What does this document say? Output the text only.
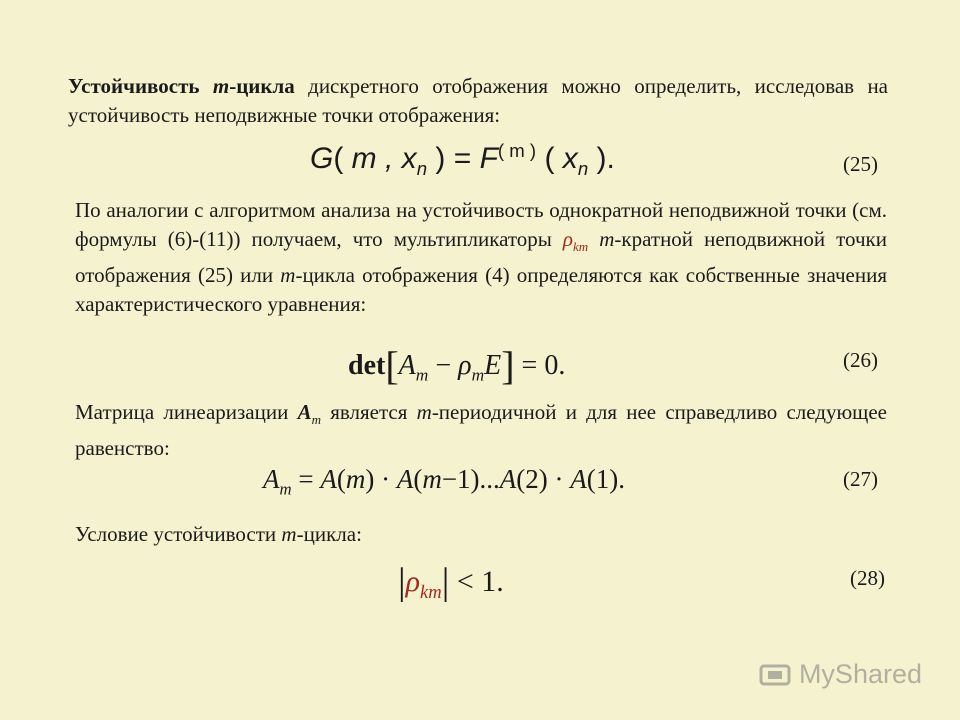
Устойчивость m-цикла дискретного отображения можно определить, исследовав на устойчивость неподвижные точки отображения:
G( m , $x_n$ ) = $F^{( m )}$ ( $x_n$ ).	(25)
По аналогии с алгоритмом анализа на устойчивость однократной неподвижной точки (см. формулы (6)-(11)) получаем, что мультипликаторы $\rho_{km}$ m-кратной неподвижной точки отображения (25) или m-цикла отображения (4) определяются как собственные значения характеристического уравнения:
$\det[A_m - \rho_mE] = 0$.	(26)
Матрица линеаризации $A_m$ является m-периодичной и для нее справедливо следующее равенство:
$A_m = A(m) \cdot A(m-1)...A(2) \cdot A(1)$.	(27)
Условие устойчивости m-цикла:
$|\rho_{km}| < 1$.	(28)
MyShared
